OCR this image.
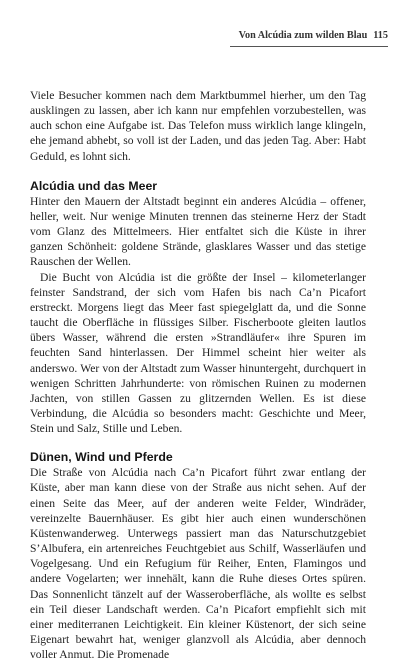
Von Alcúdia zum wilden Blau 115

Viele Besucher kommen nach dem Marktbummel hierher, um den Tag ausklingen zu lassen, aber ich kann nur empfehlen vorzubestellen, was auch schon eine Aufgabe ist. Das Telefon muss wirklich lange klingeln, ehe jemand abhebt, so voll ist der Laden, und das jeden Tag. Aber: Habt Geduld, es lohnt sich.

Alcúdia und das Meer

Hinter den Mauern der Altstadt beginnt ein anderes Alcúdia – offener, heller, weit. Nur wenige Minuten trennen das steinerne Herz der Stadt vom Glanz des Mittelmeers. Hier entfaltet sich die Küste in ihrer ganzen Schönheit: goldene Strände, glasklares Wasser und das stetige Rauschen der Wellen.

Die Bucht von Alcúdia ist die größte der Insel – kilometerlanger feinster Sandstrand, der sich vom Hafen bis nach Ca’n Picafort erstreckt. Morgens liegt das Meer fast spiegelglatt da, und die Sonne taucht die Oberfläche in flüssiges Silber. Fischerboote gleiten lautlos übers Wasser, während die ersten »Strandläufer« ihre Spuren im feuchten Sand hinterlassen. Der Himmel scheint hier weiter als anderswo. Wer von der Altstadt zum Wasser hinuntergeht, durchquert in wenigen Schritten Jahrhunderte: von römischen Ruinen zu modernen Jachten, von stillen Gassen zu glitzernden Wellen. Es ist diese Verbindung, die Alcúdia so besonders macht: Geschichte und Meer, Stein und Salz, Stille und Leben.

Dünen, Wind und Pferde

Die Straße von Alcúdia nach Ca’n Picafort führt zwar entlang der Küste, aber man kann diese von der Straße aus nicht sehen. Auf der einen Seite das Meer, auf der anderen weite Felder, Windräder, vereinzelte Bauernhäuser. Es gibt hier auch einen wunderschönen Küstenwanderweg. Unterwegs passiert man das Naturschutzgebiet S’Albufera, ein artenreiches Feuchtgebiet aus Schilf, Wasserläufen und Vogelgesang. Und ein Refugium für Reiher, Enten, Flamingos und andere Vogelarten; wer innehält, kann die Ruhe dieses Ortes spüren. Das Sonnenlicht tänzelt auf der Wasseroberfläche, als wollte es selbst ein Teil dieser Landschaft werden. Ca’n Picafort empfiehlt sich mit einer mediterranen Leichtigkeit. Ein kleiner Küstenort, der sich seine Eigenart bewahrt hat, weniger glanzvoll als Alcúdia, aber dennoch voller Anmut. Die Promenade
